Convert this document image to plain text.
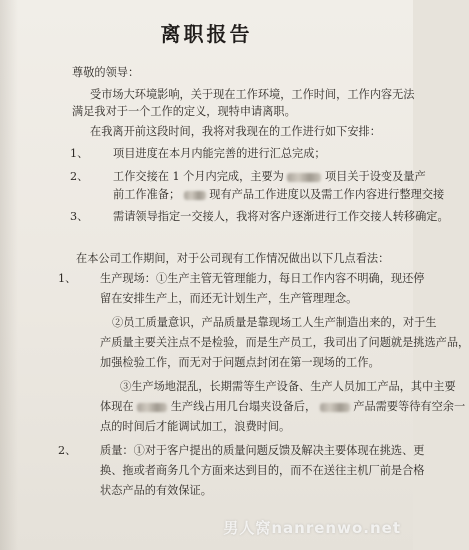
离职报告
尊敬的领导：
受市场大环境影响，关于现在工作环境，工作时间，工作内容无法
满足我对于一个工作的定义，现特申请离职。
在我离开前这段时间，我将对我现在的工作进行如下安排：
1、 项目进度在本月内能完善的进行汇总完成；
2、 工作交接在 1 个月内完成，主要为	项目关于设变及量产
前工作准备；	现有产品工作进度以及需工作内容进行整理交接
3、 需请领导指定一交接人，我将对客户逐渐进行工作交接人转移确定。
在本公司工作期间，对于公司现有工作情况做出以下几点看法：
1、 生产现场：①生产主管无管理能力，每日工作内容不明确，现还停
留在安排生产上，而还无计划生产，生产管理理念。
②员工质量意识，产品质量是靠现场工人生产制造出来的，对于生
产质量主要关注点不是检验，而是生产员工，我司出了问题就是挑选产品，
加强检验工作，而无对于问题点封闭在第一现场的工作。
③生产场地混乱，长期需等生产设备、生产人员加工产品，其中主要
体现在	生产线占用几台塌夹设备后，	产品需要等待有空余一
点的时间后才能调试加工，浪费时间。
2、 质量：①对于客户提出的质量问题反馈及解决主要体现在挑选、更
换、拖或者商务几个方面来达到目的，而不在送往主机厂前是合格
状态产品的有效保证。
男人窝nanrenwo.net
